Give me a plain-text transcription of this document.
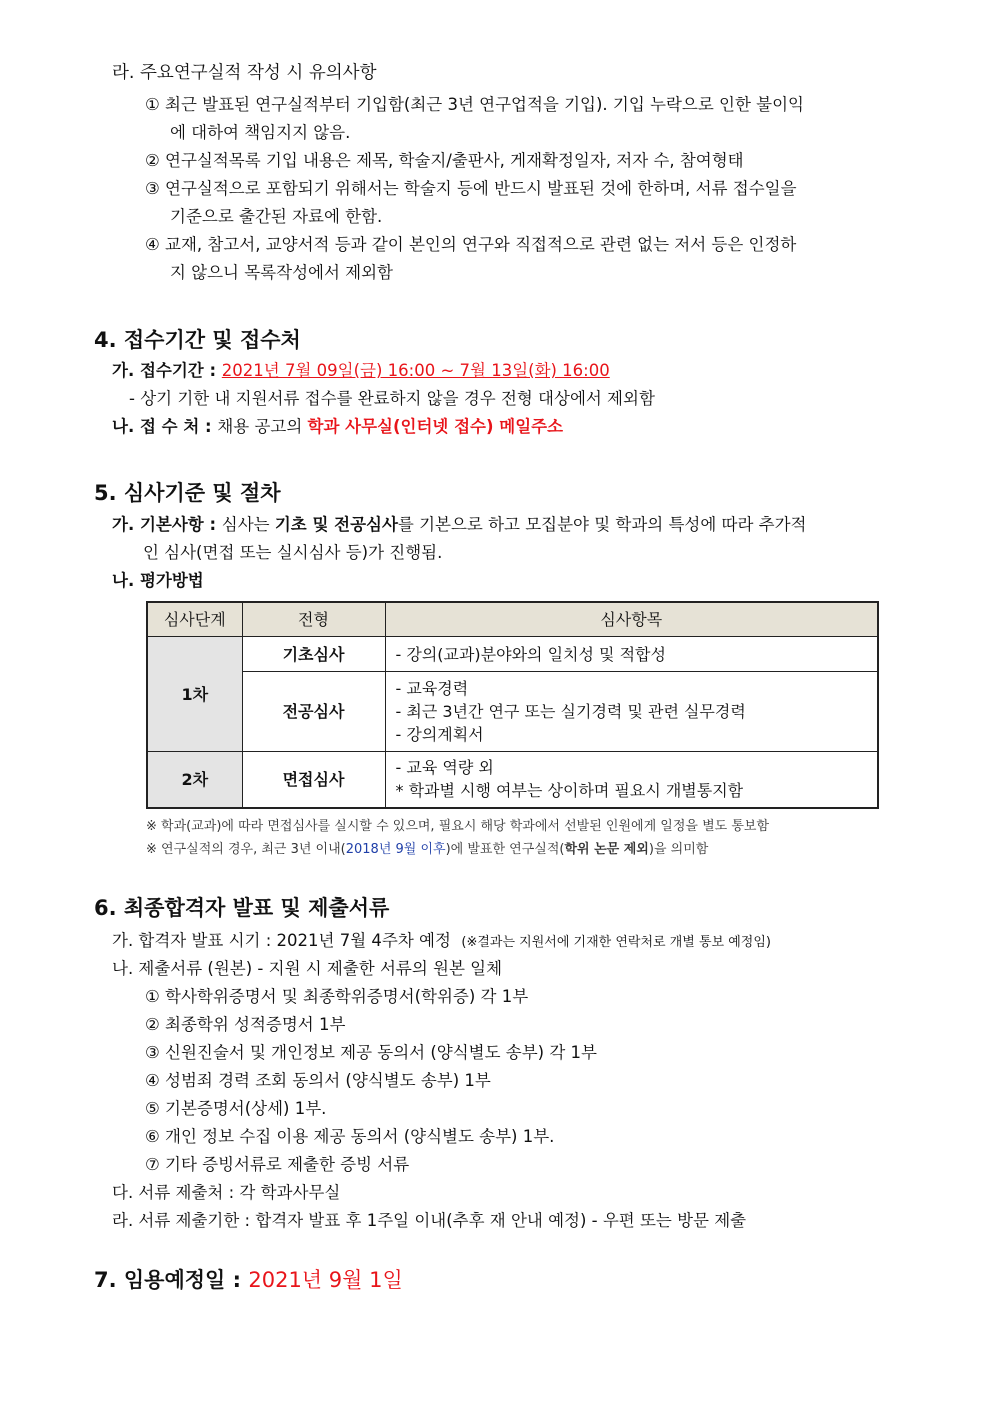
라. 주요연구실적 작성 시 유의사항
① 최근 발표된 연구실적부터 기입함(최근 3년 연구업적을 기입). 기입 누락으로 인한 불이익
에 대하여 책임지지 않음.
② 연구실적목록 기입 내용은 제목, 학술지/출판사, 게재확정일자, 저자 수, 참여형태
③ 연구실적으로 포함되기 위해서는 학술지 등에 반드시 발표된 것에 한하며, 서류 접수일을
기준으로 출간된 자료에 한함.
④ 교재, 참고서, 교양서적 등과 같이 본인의 연구와 직접적으로 관련 없는 저서 등은 인정하
지 않으니 목록작성에서 제외함
4. 접수기간 및 접수처
가. 접수기간 : 2021년 7월 09일(금) 16:00 ~ 7월 13일(화) 16:00
- 상기 기한 내 지원서류 접수를 완료하지 않을 경우 전형 대상에서 제외함
나. 접 수 처 : 채용 공고의 학과 사무실(인터넷 접수) 메일주소
5. 심사기준 및 절차
가. 기본사항 : 심사는 기초 및 전공심사를 기본으로 하고 모집분야 및 학과의 특성에 따라 추가적
인 심사(면접 또는 실시심사 등)가 진행됨.
나. 평가방법
심사단계	전형	심사항목
1차	기초심사	- 강의(교과)분야와의 일치성 및 적합성

	전공심사	- 교육경력
- 최근 3년간 연구 또는 실기경력 및 관련 실무경력
- 강의계획서

2차	면접심사	- 교육 역량 외
* 학과별 시행 여부는 상이하며 필요시 개별통지함
※ 학과(교과)에 따라 면접심사를 실시할 수 있으며, 필요시 해당 학과에서 선발된 인원에게 일정을 별도 통보함
※ 연구실적의 경우, 최근 3년 이내(2018년 9월 이후)에 발표한 연구실적(학위 논문 제외)을 의미함
6. 최종합격자 발표 및 제출서류
가. 합격자 발표 시기 : 2021년 7월 4주차 예정 (※결과는 지원서에 기재한 연락처로 개별 통보 예정임)
나. 제출서류 (원본) - 지원 시 제출한 서류의 원본 일체
① 학사학위증명서 및 최종학위증명서(학위증) 각 1부
② 최종학위 성적증명서 1부
③ 신원진술서 및 개인정보 제공 동의서 (양식별도 송부) 각 1부
④ 성범죄 경력 조회 동의서 (양식별도 송부) 1부
⑤ 기본증명서(상세) 1부.
⑥ 개인 정보 수집 이용 제공 동의서 (양식별도 송부) 1부.
⑦ 기타 증빙서류로 제출한 증빙 서류
다. 서류 제출처 : 각 학과사무실
라. 서류 제출기한 : 합격자 발표 후 1주일 이내(추후 재 안내 예정) - 우편 또는 방문 제출
7. 임용예정일 : 2021년 9월 1일
